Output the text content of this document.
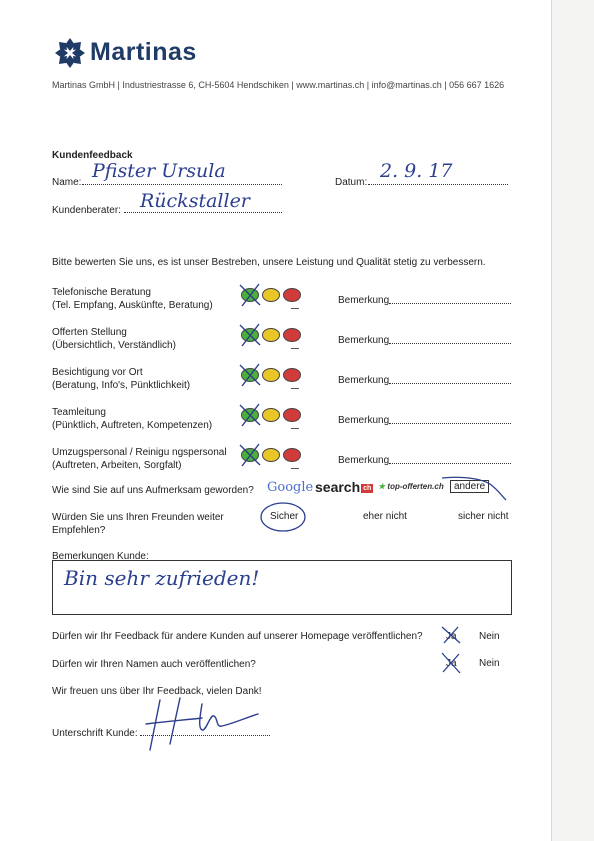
Martinas
Martinas GmbH | Industriestrasse 6, CH-5604 Hendschiken | www.martinas.ch | info@martinas.ch | 056 667 1626
Kundenfeedback
Name:
Pfister Ursula
Datum:
2. 9. 17
Kundenberater: Rückstaller
Bitte bewerten Sie uns, es ist unser Bestreben, unsere Leistung und Qualität stetig zu verbessern.
Telefonische Beratung
(Tel. Empfang, Auskünfte, Beratung)	Bemerkung
Offerten Stellung
(Übersichtlich, Verständlich)	Bemerkung
Besichtigung vor Ort
(Beratung, Info's, Pünktlichkeit)	Bemerkung
Teamleitung
(Pünktlich, Auftreten, Kompetenzen)	Bemerkung
Umzugspersonal / Reinigu ngspersonal
(Auftreten, Arbeiten, Sorgfalt)	Bemerkung
Wie sind Sie auf uns Aufmerksam geworden? Google search ch ★ top-offerten.ch	andere
Würden Sie uns Ihren Freunden weiter
Empfehlen?
Sicher	eher nicht	sicher nicht
Bemerkungen Kunde:
Bin sehr zufrieden!
Dürfen wir Ihr Feedback für andere Kunden auf unserer Homepage veröffentlichen? Ja Nein
Dürfen wir Ihren Namen auch veröffentlichen?	Ja Nein
Wir freuen uns über Ihr Feedback, vielen Dank!
Unterschrift Kunde:
